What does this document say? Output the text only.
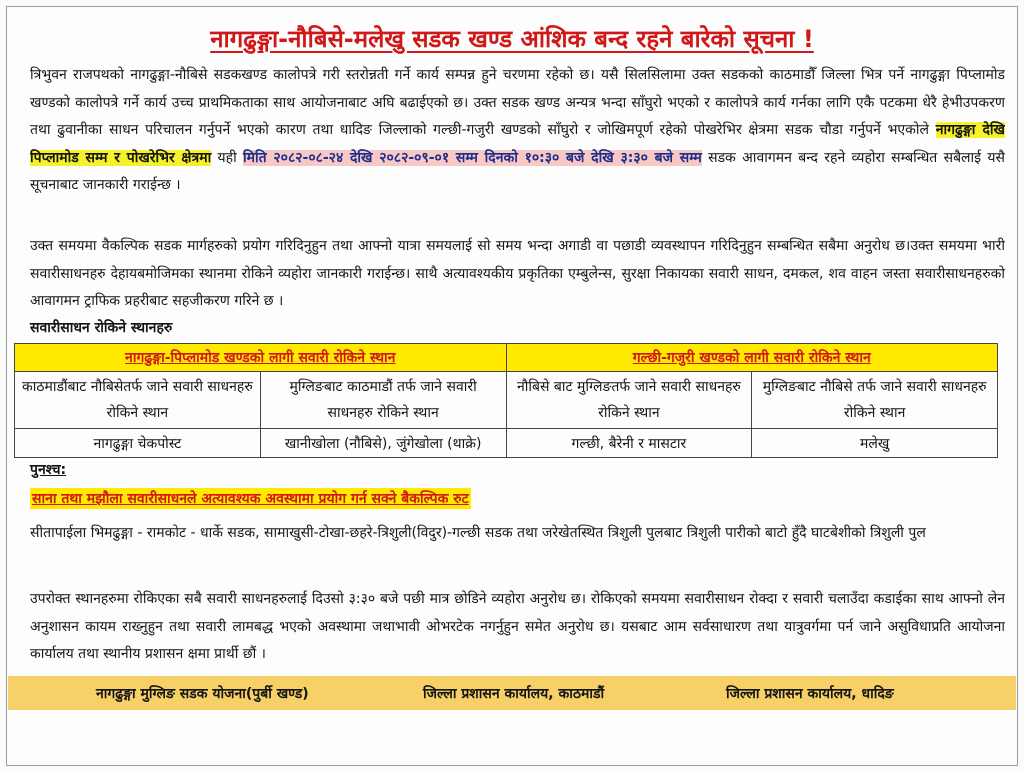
नागढुङ्गा-नौबिसे-मलेखु सडक खण्ड आंशिक बन्द रहने बारेको सूचना !
त्रिभुवन राजपथको नागढुङ्गा-नौबिसे सडकखण्ड कालोपत्रे गरी स्तरोन्नती गर्ने कार्य सम्पन्न हुने चरणमा रहेको छ। यसै सिलसिलामा उक्त सडकको काठमाडौँ जिल्ला भित्र पर्ने नागढुङ्गा पिप्लामोड खण्डको कालोपत्रे गर्ने कार्य उच्च प्राथमिकताका साथ आयोजनाबाट अघि बढाईएको छ। उक्त सडक खण्ड अन्यत्र भन्दा साँघुरो भएको र कालोपत्रे कार्य गर्नका लागि एकै पटकमा धेरै हेभीउपकरण तथा ढुवानीका साधन परिचालन गर्नुपर्ने भएको कारण तथा धादिङ जिल्लाको गल्छी-गजुरी खण्डको साँघुरो र जोखिमपूर्ण रहेको पोखरेभिर क्षेत्रमा सडक चौडा गर्नुपर्ने भएकोले नागढुङ्गा देखि पिप्लामोड सम्म र पोखरेभिर क्षेत्रमा यही मिति २०८२-०८-२४ देखि २०८२-०९-०१ सम्म दिनको १०:३० बजे देखि ३:३० बजे सम्म सडक आवागमन बन्द रहने व्यहोरा सम्बन्धित सबैलाई यसै सूचनाबाट जानकारी गराईन्छ ।
उक्त समयमा वैकल्पिक सडक मार्गहरुको प्रयोग गरिदिनुहुन तथा आफ्नो यात्रा समयलाई सो समय भन्दा अगाडी वा पछाडी व्यवस्थापन गरिदिनुहुन सम्बन्धित सबैमा अनुरोध छ।उक्त समयमा भारी सवारीसाधनहरु देहायबमोजिमका स्थानमा रोकिने व्यहोरा जानकारी गराईन्छ। साथै अत्यावश्यकीय प्रकृतिका एम्बुलेन्स, सुरक्षा निकायका सवारी साधन, दमकल, शव वाहन जस्ता सवारीसाधनहरुको आवागमन ट्राफिक प्रहरीबाट सहजीकरण गरिने छ ।
सवारीसाधन रोकिने स्थानहरु
नागढुङ्गा-पिप्लामोड खण्डको लागी सवारी रोकिने स्थान		गल्छी-गजुरी खण्डको लागी सवारी रोकिने स्थान	
काठमाडौंबाट नौबिसेतर्फ जाने सवारी साधनहरु रोकिने स्थान	मुग्लिङबाट काठमाडौं तर्फ जाने सवारी साधनहरु रोकिने स्थान	नौबिसे बाट मुग्लिङतर्फ जाने सवारी साधनहरु रोकिने स्थान	मुग्लिङबाट नौबिसे तर्फ जाने सवारी साधनहरु रोकिने स्थान
नागढुङ्गा चेकपोस्ट	खानीखोला (नौबिसे), जुंगेखोला (थाक्रे)	गल्छी, बैरेनी र मासटार	मलेखु
पुनश्च:
साना तथा मझौला सवारीसाधनले अत्यावश्यक अवस्थामा प्रयोग गर्न सक्ने बैकल्पिक रुट
सीतापाईला भिमढुङ्गा - रामकोट - धार्के सडक, सामाखुसी-टोखा-छहरे-त्रिशुली(विदुर)-गल्छी सडक तथा जरेखेतस्थित त्रिशुली पुलबाट त्रिशुली पारीको बाटो हुँदै घाटबेशीको त्रिशुली पुल
उपरोक्त स्थानहरुमा रोकिएका सबै सवारी साधनहरुलाई दिउसो ३:३० बजे पछी मात्र छोडिने व्यहोरा अनुरोध छ। रोकिएको समयमा सवारीसाधन रोक्दा र सवारी चलाउँदा कडाईका साथ आफ्नो लेन अनुशासन कायम राख्नुहुन तथा सवारी लामबद्ध भएको अवस्थामा जथाभावी ओभरटेक नगर्नुहुन समेत अनुरोध छ। यसबाट आम सर्वसाधारण तथा यात्रुवर्गमा पर्न जाने असुविधाप्रति आयोजना कार्यालय तथा स्थानीय प्रशासन क्षमा प्रार्थी छौं ।
नागढुङ्गा मुग्लिङ सडक योजना(पुर्बी खण्ड)	जिल्ला प्रशासन कार्यालय, काठमाडौं	जिल्ला प्रशासन कार्यालय, धादिङ
